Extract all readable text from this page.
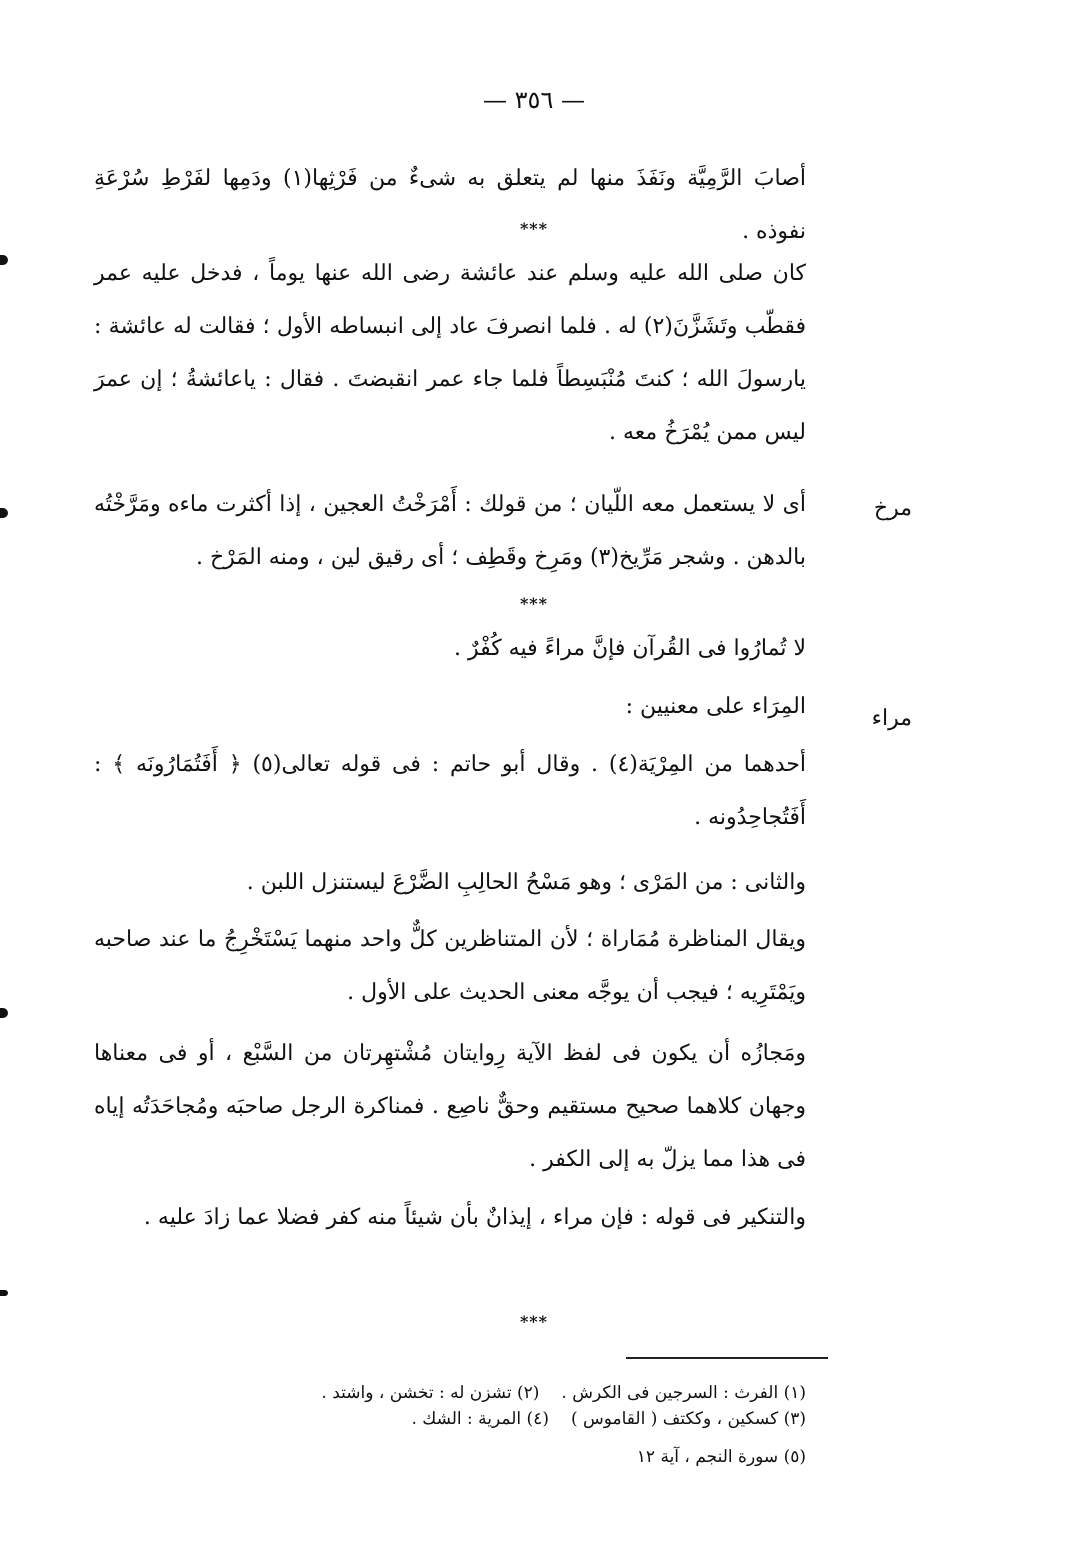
— ٣٥٦ —

أصابَ الرَّمِيَّة ونَفَذَ منها لم يتعلق به شىءٌ من فَرْثِها(١) ودَمِها لفَرْطِ سُرْعَةِ نفوذه .

***

كان صلى الله عليه وسلم عند عائشة رضى الله عنها يوماً ، فدخل عليه عمر فقطّب وتَشَزَّنَ(٢) له . فلما انصرفَ عاد إلى انبساطه الأول ؛ فقالت له عائشة : يارسولَ الله ؛ كنتَ مُنْبَسِطاً فلما جاء عمر انقبضتَ . فقال : ياعائشةُ ؛ إن عمرَ ليس ممن يُمْرَخُ معه .

مرخ

أى لا يستعمل معه اللّيان ؛ من قولك : أَمْرَخْتُ العجين ، إذا أكثرت ماءه ومَرَّخْتُه بالدهن . وشجر مَرِّيخ(٣) ومَرِخ وقَطِف ؛ أى رقيق لين ، ومنه المَرْخ .

***

لا تُمارُوا فى القُرآن فإنَّ مراءً فيه كُفْرٌ .

مراء

المِرَاء على معنيين :

أحدهما من المِرْيَة(٤) . وقال أبو حاتم : فى قوله تعالى(٥) ﴿ أَفَتُمَارُونَه ﴾ : أَفَتُجاحِدُونه .

والثانى : من المَرْى ؛ وهو مَسْحُ الحالِبِ الضَّرْعَ ليستنزل اللبن .

ويقال المناظرة مُمَاراة ؛ لأن المتناظرين كلٌّ واحد منهما يَسْتَخْرِجُ ما عند صاحبه ويَمْتَرِيه ؛ فيجب أن يوجَّه معنى الحديث على الأول .

ومَجازُه أن يكون فى لفظ الآية رِوايتان مُشْتهِرتان من السَّبْع ، أو فى معناها وجهان كلاهما صحيح مستقيم وحقٌّ ناصِع . فمناكرة الرجل صاحبَه ومُجاحَدَتُه إياه فى هذا مما يزلّ به إلى الكفر .

والتنكير فى قوله : فإن مراء ، إيذانٌ بأن شيئاً منه كفر فضلا عما زادَ عليه .

***
(١) الفرث : السرجين فى الكرش .(٢) تشزن له : تخشن ، واشتد .
(٣) كسكين ، وككتف ( القاموس )(٤) المرية : الشك .
(٥) سورة النجم ، آية ١٢
